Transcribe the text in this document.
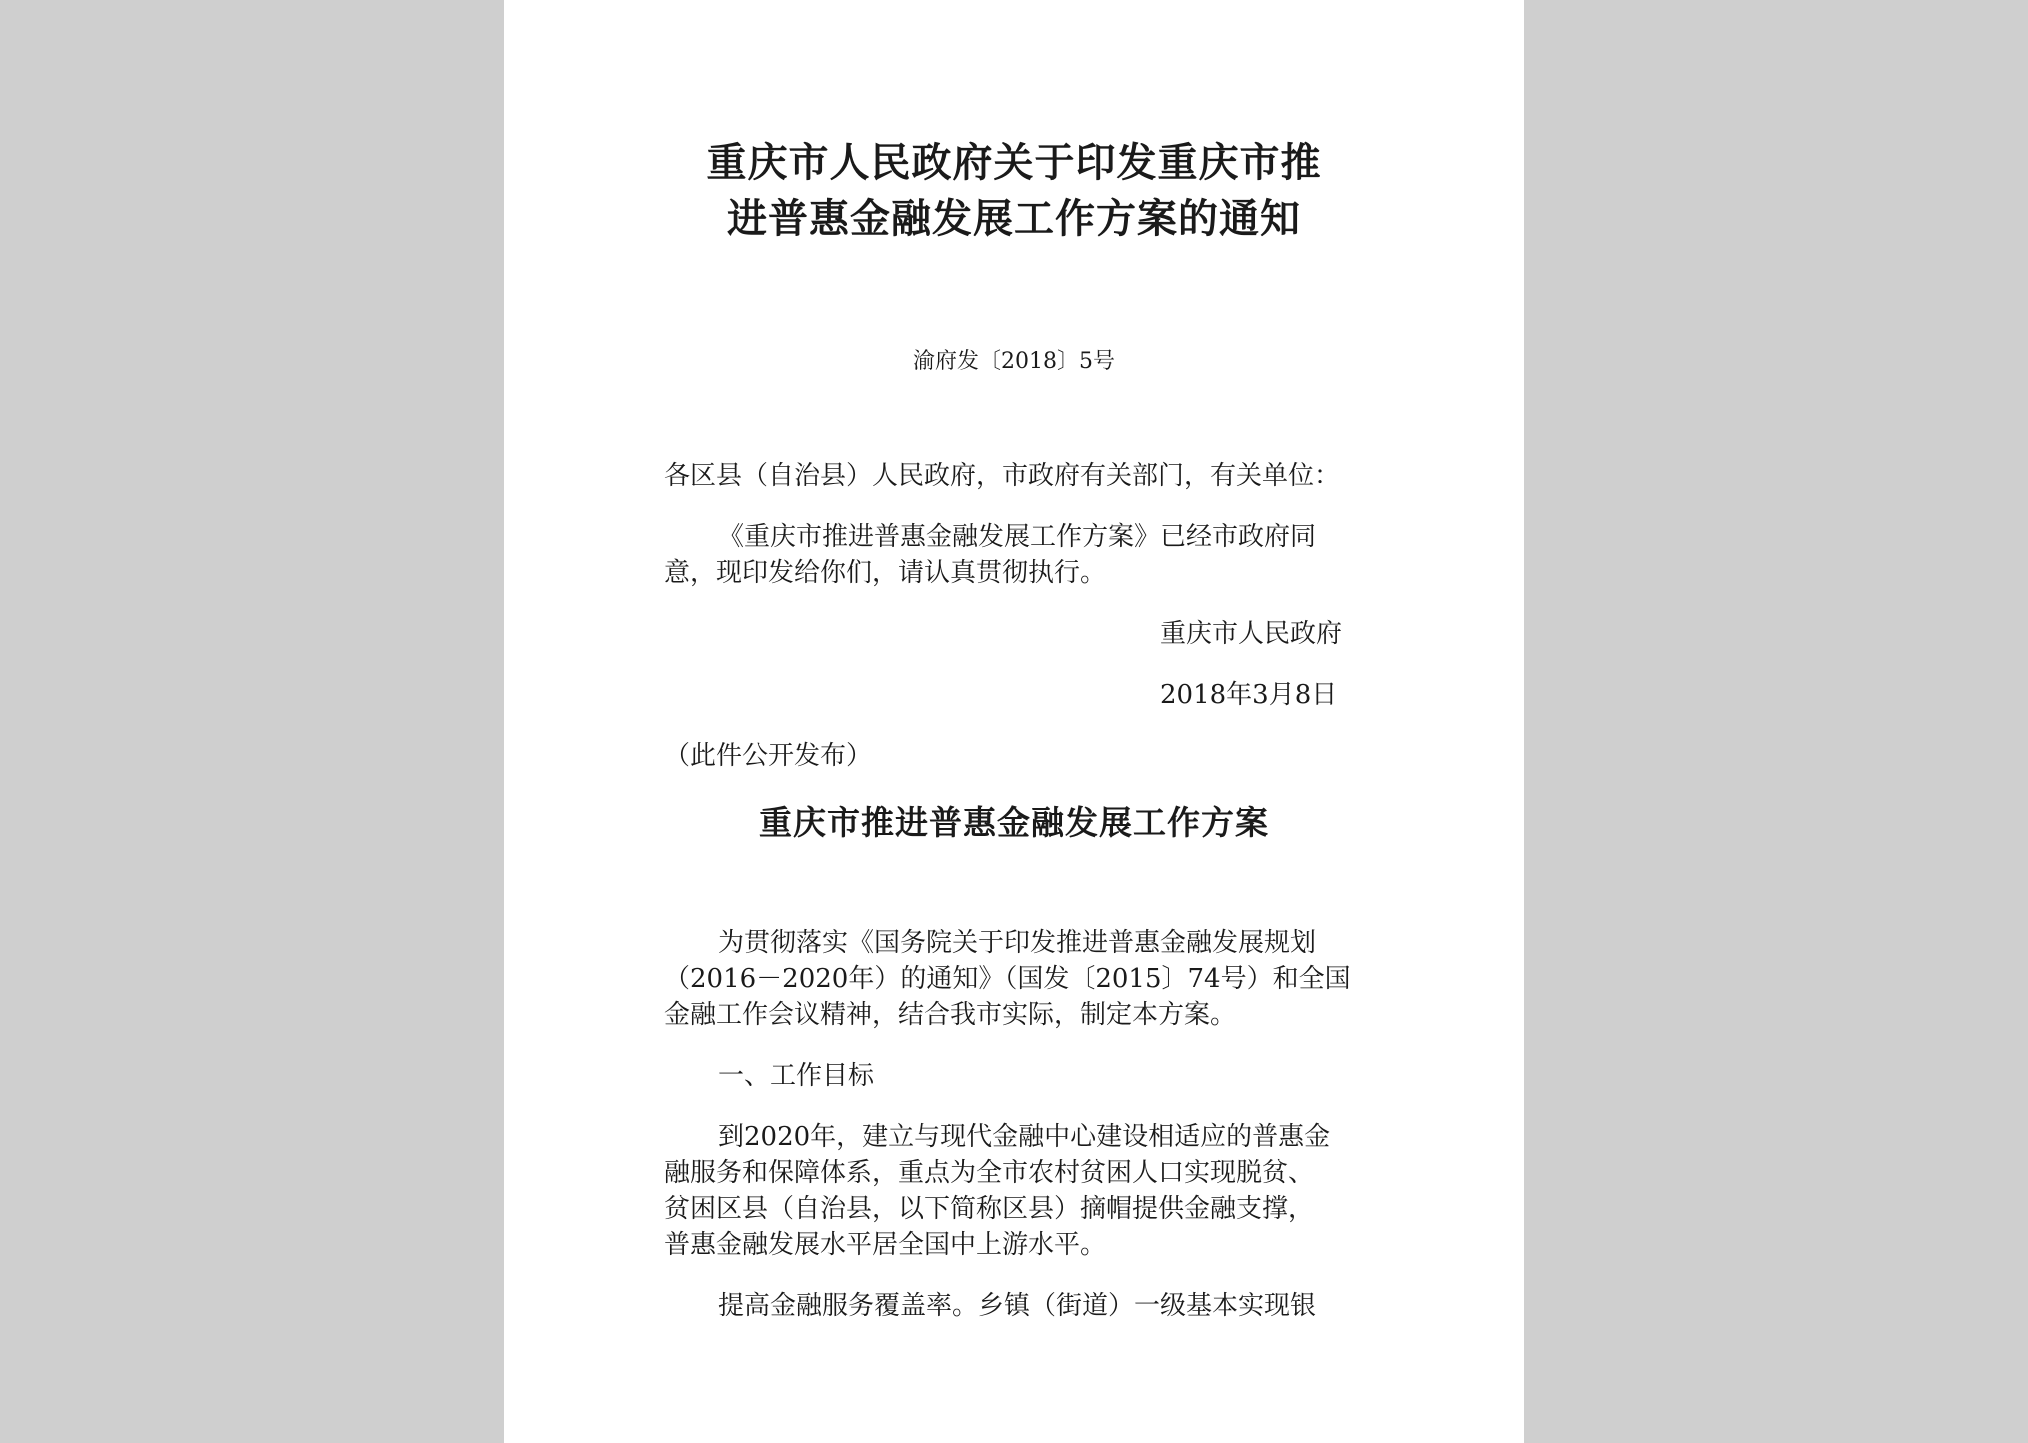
重庆市人民政府关于印发重庆市推
进普惠金融发展工作方案的通知
渝府发〔2018〕5号
各区县（自治县）人民政府，市政府有关部门，有关单位：
《重庆市推进普惠金融发展工作方案》已经市政府同
意，现印发给你们，请认真贯彻执行。
重庆市人民政府
2018年3月8日
（此件公开发布）
重庆市推进普惠金融发展工作方案
为贯彻落实《国务院关于印发推进普惠金融发展规划
（2016－2020年）的通知》（国发〔2015〕74号）和全国
金融工作会议精神，结合我市实际，制定本方案。
一、工作目标
到2020年，建立与现代金融中心建设相适应的普惠金
融服务和保障体系，重点为全市农村贫困人口实现脱贫、
贫困区县（自治县，以下简称区县）摘帽提供金融支撑，
普惠金融发展水平居全国中上游水平。
提高金融服务覆盖率。乡镇（街道）一级基本实现银
